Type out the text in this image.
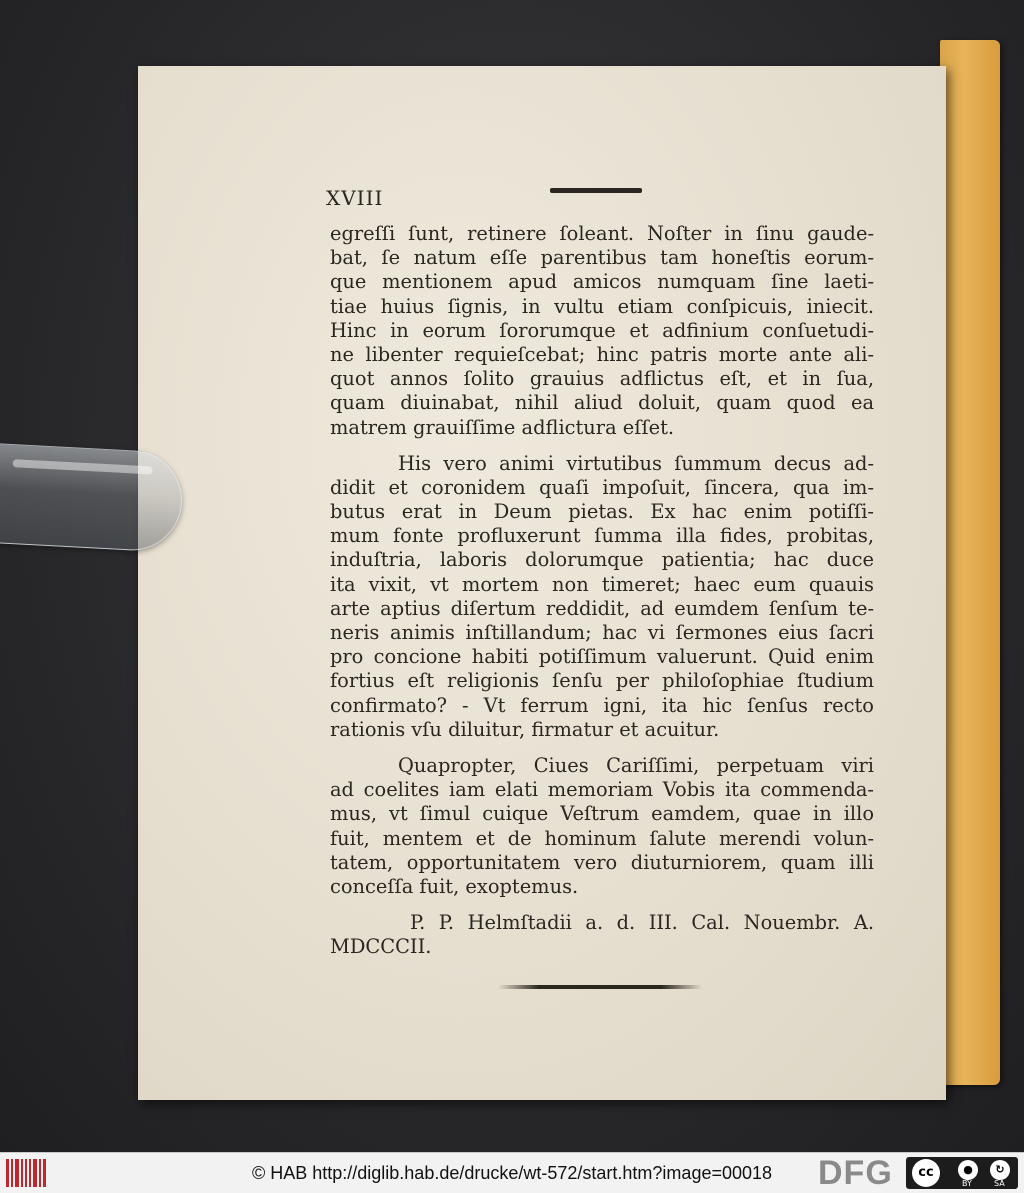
XVIII
egreſſi ſunt, retinere ſoleant. Noſter in ſinu gaude-
bat, ſe natum eſſe parentibus tam honeſtis eorum-
que mentionem apud amicos numquam ſine laeti-
tiae huius ſignis, in vultu etiam conſpicuis, iniecit.
Hinc in eorum ſororumque et adfinium conſuetudi-
ne libenter requieſcebat; hinc patris morte ante ali-
quot annos ſolito grauius adflictus eſt, et in ſua,
quam diuinabat, nihil aliud doluit, quam quod ea
matrem grauiſſime adflictura eſſet.
His vero animi virtutibus ſummum decus ad-
didit et coronidem quaſi impoſuit, ſincera, qua im-
butus erat in Deum pietas. Ex hac enim potiſſi-
mum fonte profluxerunt ſumma illa fides, probitas,
induſtria, laboris dolorumque patientia; hac duce
ita vixit, vt mortem non timeret; haec eum quauis
arte aptius diſertum reddidit, ad eumdem ſenſum te-
neris animis inſtillandum; hac vi ſermones eius ſacri
pro concione habiti potiſſimum valuerunt. Quid enim
fortius eſt religionis ſenſu per philoſophiae ſtudium
confirmato? - Vt ferrum igni, ita hic ſenſus recto
rationis vſu diluitur, firmatur et acuitur.
Quapropter, Ciues Cariſſimi, perpetuam viri
ad coelites iam elati memoriam Vobis ita commenda-
mus, vt ſimul cuique Veſtrum eamdem, quae in illo
fuit, mentem et de hominum ſalute merendi volun-
tatem, opportunitatem vero diuturniorem, quam illi
conceſſa fuit, exoptemus.
P. P. Helmſtadii a. d. III. Cal. Nouembr. A.
MDCCCII.
© HAB http://diglib.hab.de/drucke/wt-572/start.htm?image=00018	DFG	cc	●	↻
BY	SA
